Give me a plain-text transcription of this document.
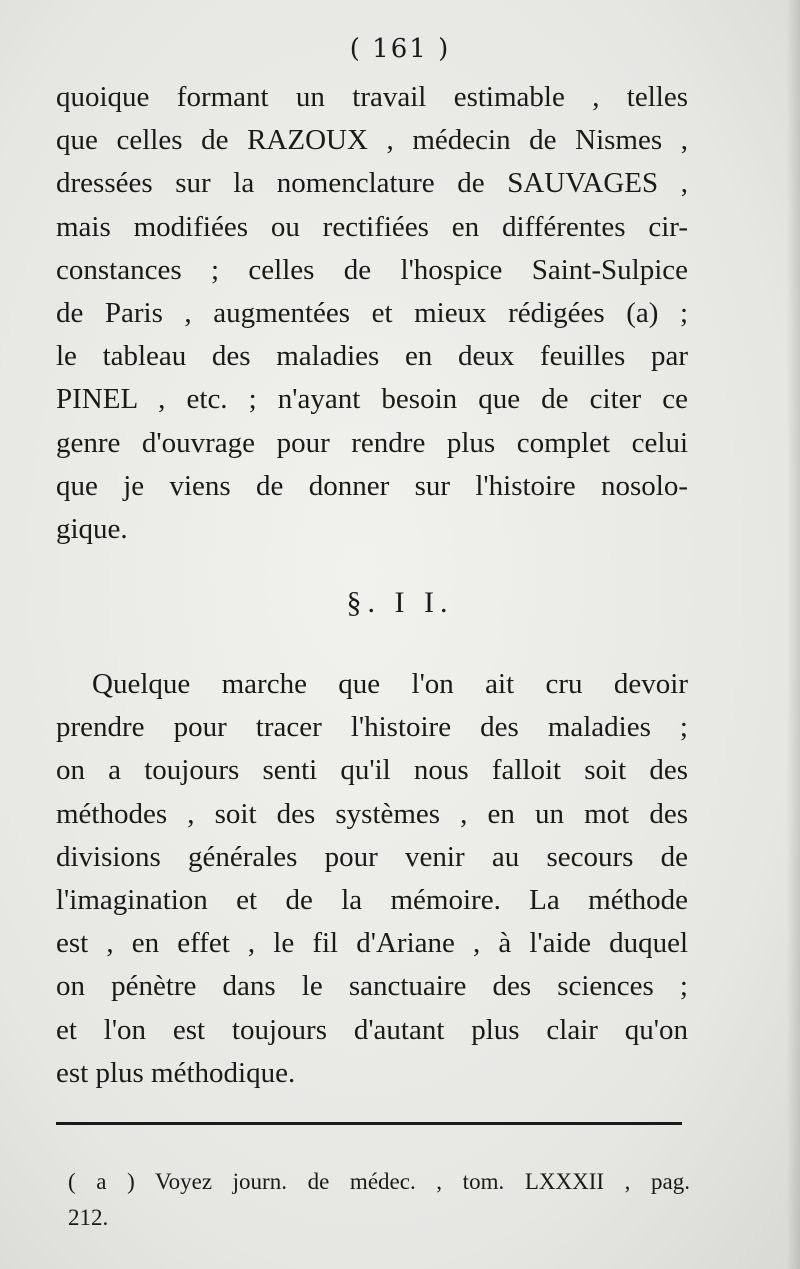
( 161 )
quoique formant un travail estimable , telles
que celles de RAZOUX , médecin de Nismes ,
dressées sur la nomenclature de SAUVAGES ,
mais modifiées ou rectifiées en différentes cir-
constances ; celles de l'hospice Saint-Sulpice
de Paris , augmentées et mieux rédigées (a) ;
le tableau des maladies en deux feuilles par
PINEL , etc. ; n'ayant besoin que de citer ce
genre d'ouvrage pour rendre plus complet celui
que je viens de donner sur l'histoire nosolo-
gique.
§. I I.
Quelque marche que l'on ait cru devoir
prendre pour tracer l'histoire des maladies ;
on a toujours senti qu'il nous falloit soit des
méthodes , soit des systèmes , en un mot des
divisions générales pour venir au secours de
l'imagination et de la mémoire. La méthode
est , en effet , le fil d'Ariane , à l'aide duquel
on pénètre dans le sanctuaire des sciences ;
et l'on est toujours d'autant plus clair qu'on
est plus méthodique.
( a ) Voyez journ. de médec. , tom. LXXXII , pag.
212.
